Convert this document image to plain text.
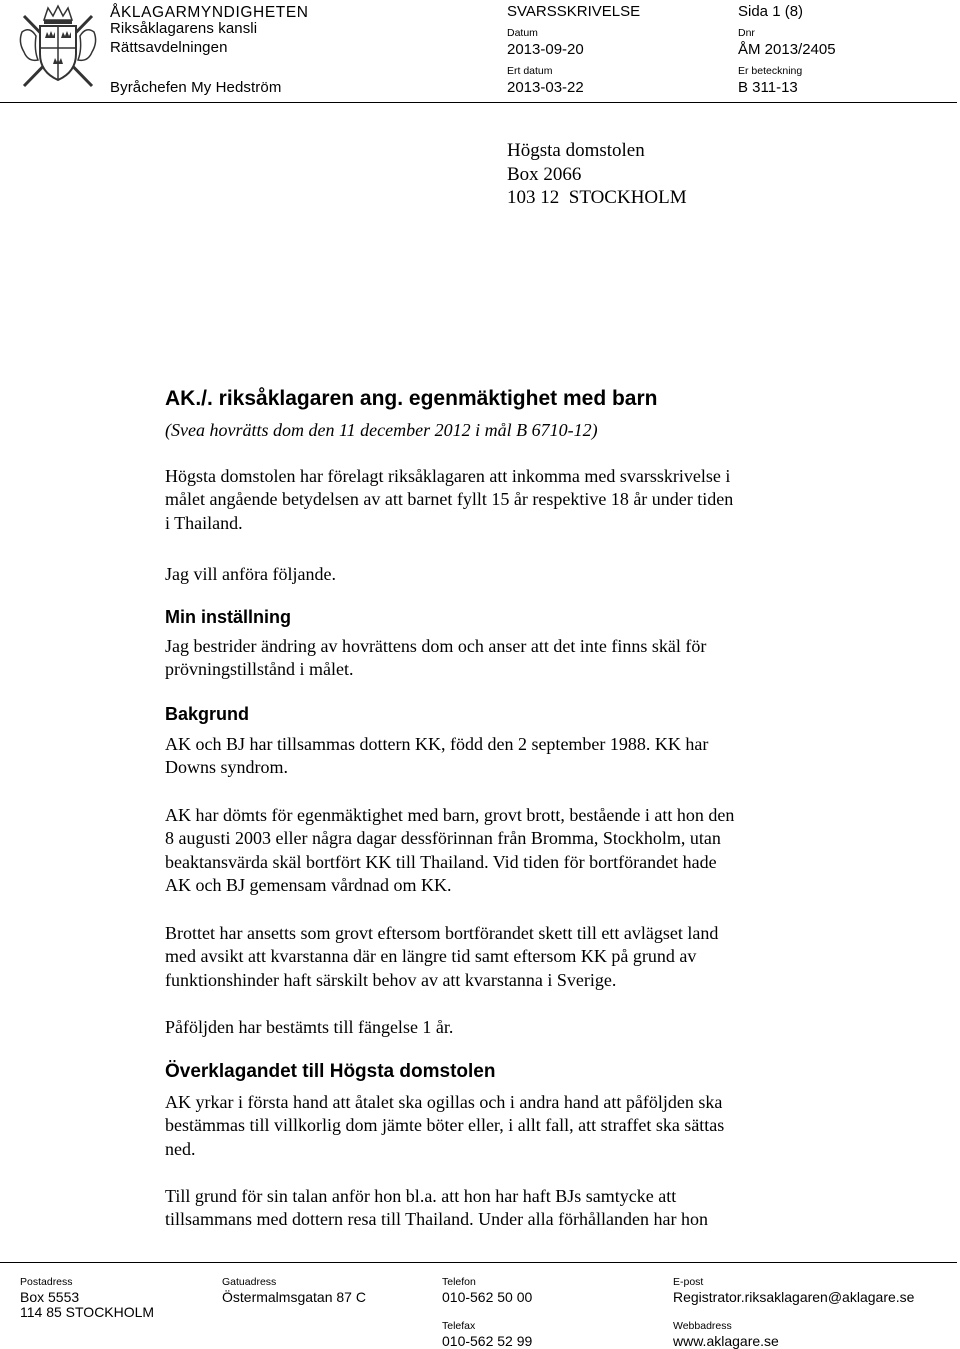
ÅKLAGARMYNDIGHETEN
Riksåklagarens kansli
Rättsavdelningen
Byråchefen My Hedström
SVARSSKRIVELSE	Sida 1 (8)
Datum
2013-09-20
Dnr
ÅM 2013/2405
Ert datum
2013-03-22
Er beteckning
B 311-13
Högsta domstolen
Box 2066
103 12  STOCKHOLM
AK./. riksåklagaren ang. egenmäktighet med barn
(Svea hovrätts dom den 11 december 2012 i mål B 6710-12)

Högsta domstolen har förelagt riksåklagaren att inkomma med svarsskrivelse i

målet angående betydelsen av att barnet fyllt 15 år respektive 18 år under tiden

i Thailand.

Jag vill anföra följande.

Min inställning

Jag bestrider ändring av hovrättens dom och anser att det inte finns skäl för

prövningstillstånd i målet.

Bakgrund

AK och BJ har tillsammas dottern KK, född den 2 september 1988. KK har

Downs syndrom.

AK har dömts för egenmäktighet med barn, grovt brott, bestående i att hon den

8 augusti 2003 eller några dagar dessförinnan från Bromma, Stockholm, utan

beaktansvärda skäl bortfört KK till Thailand. Vid tiden för bortförandet hade

AK och BJ gemensam vårdnad om KK.

Brottet har ansetts som grovt eftersom bortförandet skett till ett avlägset land

med avsikt att kvarstanna där en längre tid samt eftersom KK på grund av

funktionshinder haft särskilt behov av att kvarstanna i Sverige.

Påföljden har bestämts till fängelse 1 år.

Överklagandet till Högsta domstolen

AK yrkar i första hand att åtalet ska ogillas och i andra hand att påföljden ska

bestämmas till villkorlig dom jämte böter eller, i allt fall, att straffet ska sättas

ned.

Till grund för sin talan anför hon bl.a. att hon har haft BJs samtycke att

tillsammans med dottern resa till Thailand. Under alla förhållanden har hon

Postadress
Box 5553
114 85 STOCKHOLM
Gatuadress
Östermalmsgatan 87 C
Telefon
010-562 50 00
Telefax
010-562 52 99
E-post
Registrator.riksaklagaren@aklagare.se
Webbadress
www.aklagare.se
